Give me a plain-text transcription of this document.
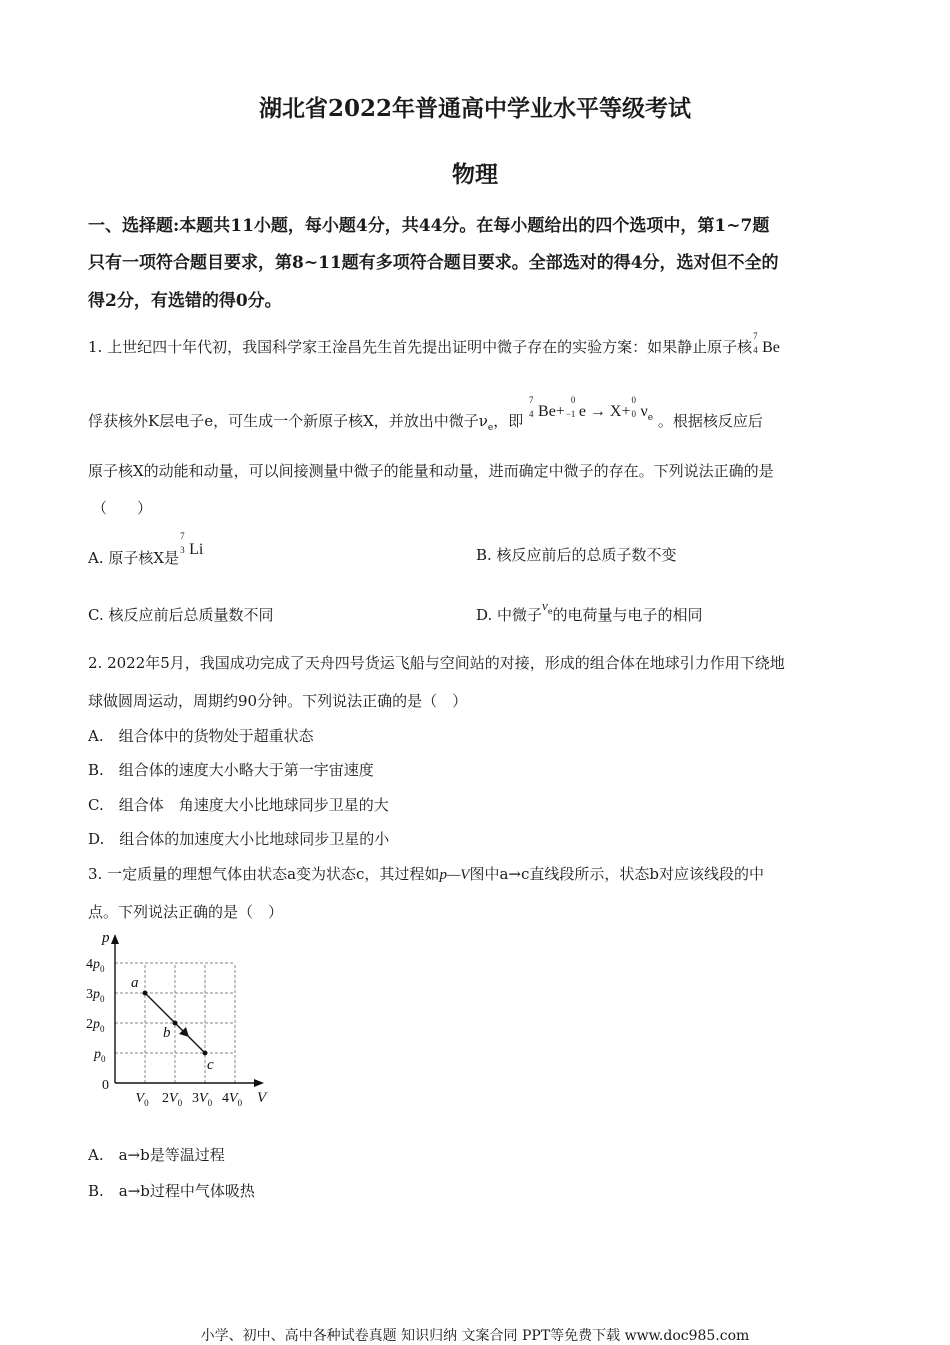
湖北省2022年普通高中学业水平等级考试
物理
一、选择题:本题共11小题，每小题4分，共44分。在每小题给出的四个选项中，第1~7题
只有一项符合题目要求，第8~11题有多项符合题目要求。全部选对的得4分，选对但不全的
得2分，有选错的得0分。
1. 上世纪四十年代初，我国科学家王淦昌先生首先提出证明中微子存在的实验方案：如果静止原子核
7
4 Be
俘获核外K层电子e，可生成一个新原子核X，并放出中微子$\nu_e$，即
7
4 Be+
0
−1 e → X+
0
0 $\nu_e$ 。根据核反应后
原子核X的动能和动量，可以间接测量中微子的能量和动量，进而确定中微子的存在。下列说法正确的是
（　　）
A. 原子核X是
7
3 Li	B. 核反应前后的总质子数不变
C. 核反应前后总质量数不同	D. 中微子$\nu_e$的电荷量与电子的相同
2. 2022年5月，我国成功完成了天舟四号货运飞船与空间站的对接，形成的组合体在地球引力作用下绕地
球做圆周运动，周期约90分钟。下列说法正确的是（　）
A.　组合体中的货物处于超重状态
B.　组合体的速度大小略大于第一宇宙速度
C.　组合体　角速度大小比地球同步卫星的大
D.　组合体的加速度大小比地球同步卫星的小
3. 一定质量的理想气体由状态a变为状态c，其过程如p—V图中a→c直线段所示，状态b对应该线段的中
点。下列说法正确的是（　）
p
V
0
$V_0$ $2V_0$ $3V_0$ $4V_0$
$p_0$
$2p_0$
$3p_0$
$4p_0$
a
b
c
A.　a→b是等温过程
B.　a→b过程中气体吸热
小学、初中、高中各种试卷真题 知识归纳 文案合同 PPT等免费下载 www.doc985.com
